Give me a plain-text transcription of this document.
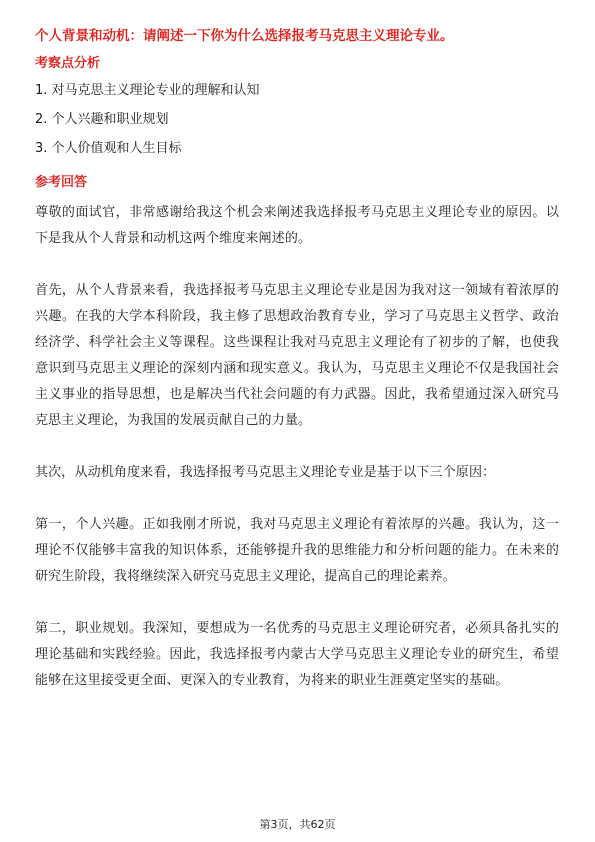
个人背景和动机：请阐述一下你为什么选择报考马克思主义理论专业。
考察点分析
1. 对马克思主义理论专业的理解和认知
2. 个人兴趣和职业规划
3. 个人价值观和人生目标
参考回答

尊敬的面试官，非常感谢给我这个机会来阐述我选择报考马克思主义理论专业的原因。以下是我从个人背景和动机这两个维度来阐述的。

首先，从个人背景来看，我选择报考马克思主义理论专业是因为我对这一领域有着浓厚的兴趣。在我的大学本科阶段，我主修了思想政治教育专业，学习了马克思主义哲学、政治经济学、科学社会主义等课程。这些课程让我对马克思主义理论有了初步的了解，也使我意识到马克思主义理论的深刻内涵和现实意义。我认为，马克思主义理论不仅是我国社会主义事业的指导思想，也是解决当代社会问题的有力武器。因此，我希望通过深入研究马克思主义理论，为我国的发展贡献自己的力量。

其次，从动机角度来看，我选择报考马克思主义理论专业是基于以下三个原因：

第一，个人兴趣。正如我刚才所说，我对马克思主义理论有着浓厚的兴趣。我认为，这一理论不仅能够丰富我的知识体系，还能够提升我的思维能力和分析问题的能力。在未来的研究生阶段，我将继续深入研究马克思主义理论，提高自己的理论素养。

第二，职业规划。我深知，要想成为一名优秀的马克思主义理论研究者，必须具备扎实的理论基础和实践经验。因此，我选择报考内蒙古大学马克思主义理论专业的研究生，希望能够在这里接受更全面、更深入的专业教育，为将来的职业生涯奠定坚实的基础。

第3页，共62页
